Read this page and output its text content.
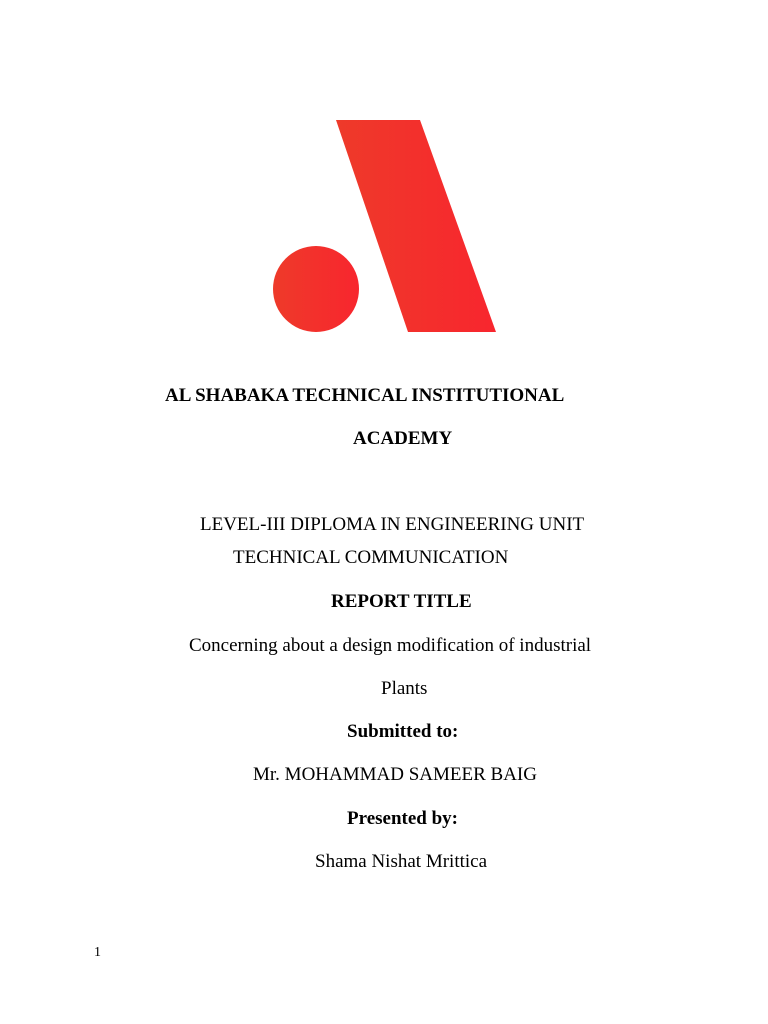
AL SHABAKA TECHNICAL INSTITUTIONAL
ACADEMY
LEVEL-III DIPLOMA IN ENGINEERING UNIT
TECHNICAL COMMUNICATION
REPORT TITLE
Concerning about a design modification of industrial
Plants
Submitted to:
Mr. MOHAMMAD SAMEER BAIG
Presented by:
Shama Nishat Mrittica
1
